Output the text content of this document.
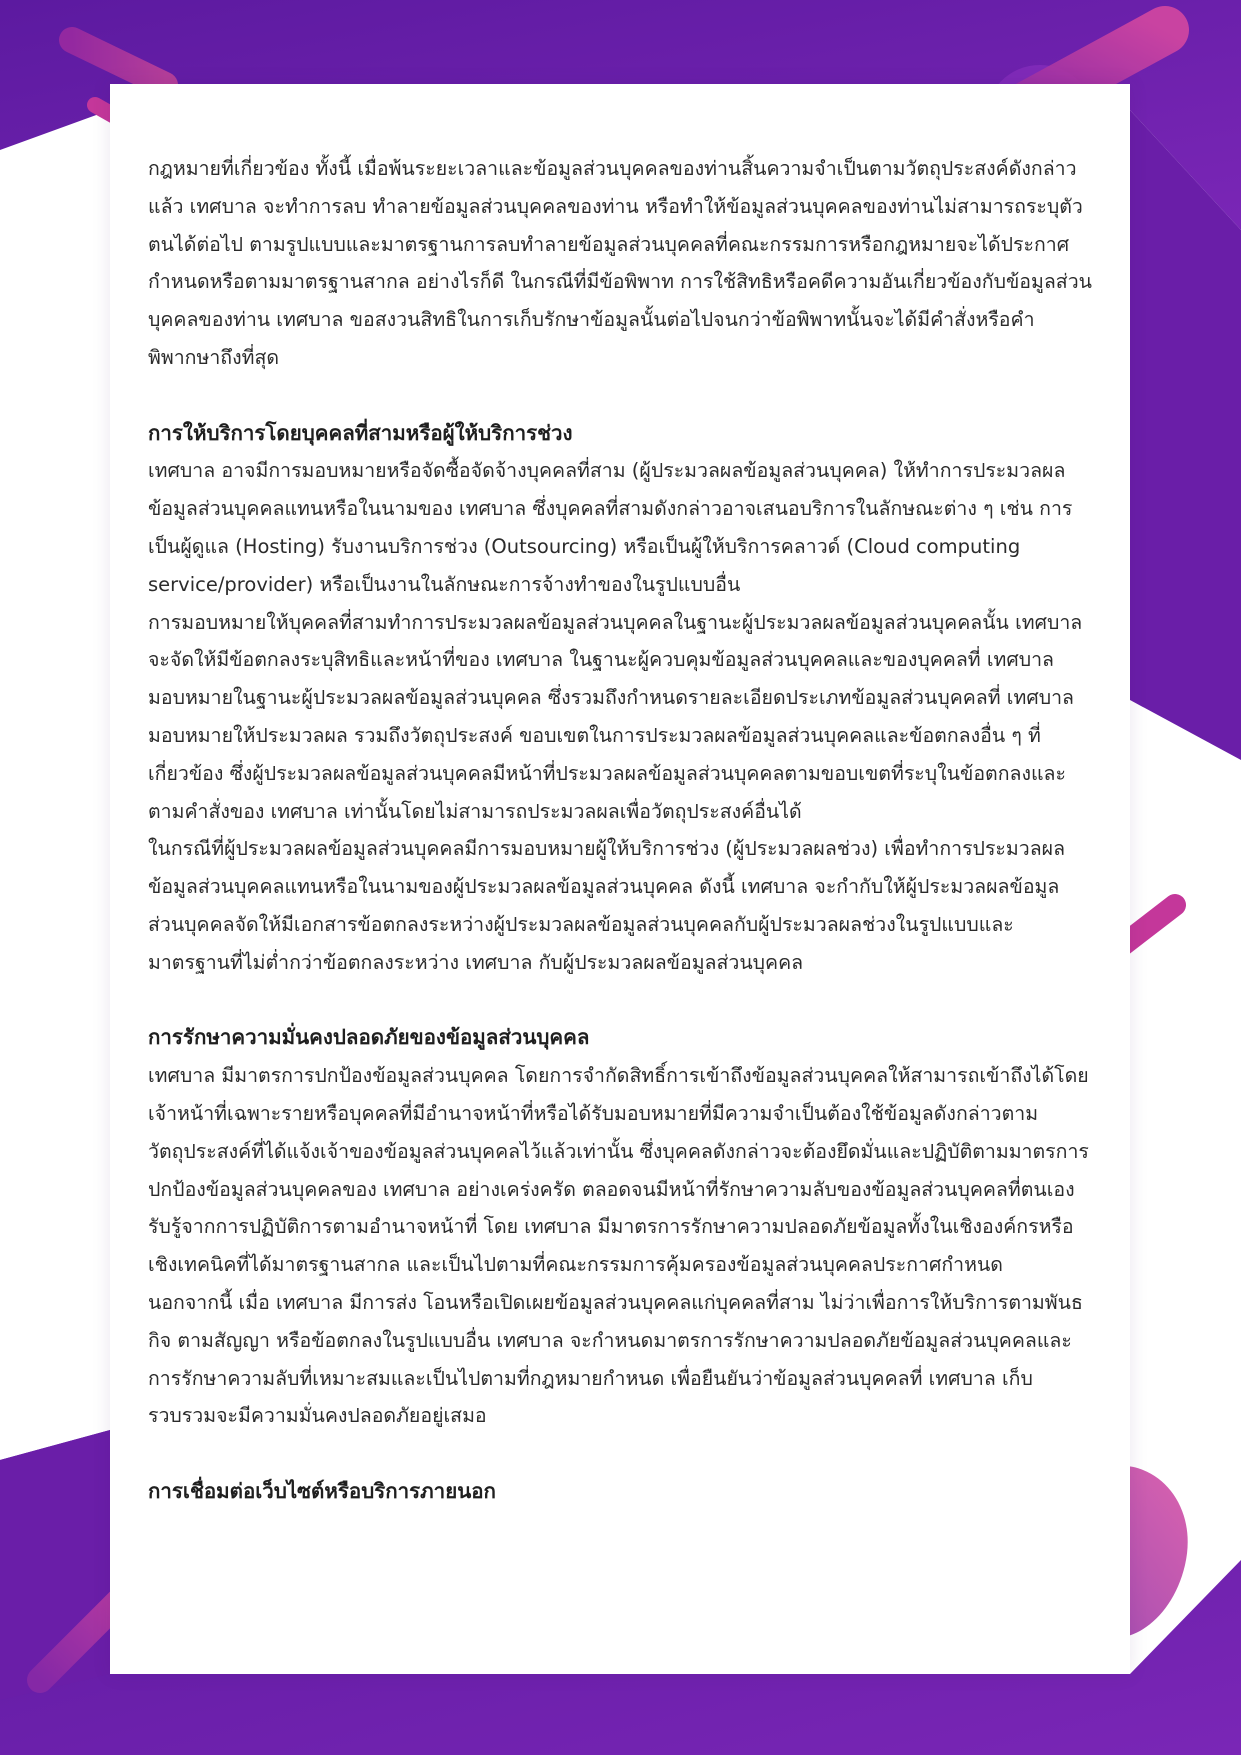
กฎหมายที่เกี่ยวข้อง ทั้งนี้ เมื่อพ้นระยะเวลาและข้อมูลส่วนบุคคลของท่านสิ้นความจำเป็นตามวัตถุประสงค์ดังกล่าวแล้ว เทศบาล จะทำการลบ ทำลายข้อมูลส่วนบุคคลของท่าน หรือทำให้ข้อมูลส่วนบุคคลของท่านไม่สามารถระบุตัวตนได้ต่อไป ตามรูปแบบและมาตรฐานการลบทำลายข้อมูลส่วนบุคคลที่คณะกรรมการหรือกฎหมายจะได้ประกาศกำหนดหรือตามมาตรฐานสากล อย่างไรก็ดี ในกรณีที่มีข้อพิพาท การใช้สิทธิหรือคดีความอันเกี่ยวข้องกับข้อมูลส่วนบุคคลของท่าน เทศบาล ขอสงวนสิทธิในการเก็บรักษาข้อมูลนั้นต่อไปจนกว่าข้อพิพาทนั้นจะได้มีคำสั่งหรือคำพิพากษาถึงที่สุด

การให้บริการโดยบุคคลที่สามหรือผู้ให้บริการช่วง

เทศบาล อาจมีการมอบหมายหรือจัดซื้อจัดจ้างบุคคลที่สาม (ผู้ประมวลผลข้อมูลส่วนบุคคล) ให้ทำการประมวลผลข้อมูลส่วนบุคคลแทนหรือในนามของ เทศบาล ซึ่งบุคคลที่สามดังกล่าวอาจเสนอบริการในลักษณะต่าง ๆ เช่น การเป็นผู้ดูแล (Hosting) รับงานบริการช่วง (Outsourcing) หรือเป็นผู้ให้บริการคลาวด์ (Cloud computing service/provider) หรือเป็นงานในลักษณะการจ้างทำของในรูปแบบอื่น

การมอบหมายให้บุคคลที่สามทำการประมวลผลข้อมูลส่วนบุคคลในฐานะผู้ประมวลผลข้อมูลส่วนบุคคลนั้น เทศบาล จะจัดให้มีข้อตกลงระบุสิทธิและหน้าที่ของ เทศบาล ในฐานะผู้ควบคุมข้อมูลส่วนบุคคลและของบุคคลที่ เทศบาล มอบหมายในฐานะผู้ประมวลผลข้อมูลส่วนบุคคล ซึ่งรวมถึงกำหนดรายละเอียดประเภทข้อมูลส่วนบุคคลที่ เทศบาล มอบหมายให้ประมวลผล รวมถึงวัตถุประสงค์ ขอบเขตในการประมวลผลข้อมูลส่วนบุคคลและข้อตกลงอื่น ๆ ที่เกี่ยวข้อง ซึ่งผู้ประมวลผลข้อมูลส่วนบุคคลมีหน้าที่ประมวลผลข้อมูลส่วนบุคคลตามขอบเขตที่ระบุในข้อตกลงและตามคำสั่งของ เทศบาล เท่านั้นโดยไม่สามารถประมวลผลเพื่อวัตถุประสงค์อื่นได้

ในกรณีที่ผู้ประมวลผลข้อมูลส่วนบุคคลมีการมอบหมายผู้ให้บริการช่วง (ผู้ประมวลผลช่วง) เพื่อทำการประมวลผลข้อมูลส่วนบุคคลแทนหรือในนามของผู้ประมวลผลข้อมูลส่วนบุคคล ดังนี้ เทศบาล จะกำกับให้ผู้ประมวลผลข้อมูลส่วนบุคคลจัดให้มีเอกสารข้อตกลงระหว่างผู้ประมวลผลข้อมูลส่วนบุคคลกับผู้ประมวลผลช่วงในรูปแบบและมาตรฐานที่ไม่ต่ำกว่าข้อตกลงระหว่าง เทศบาล กับผู้ประมวลผลข้อมูลส่วนบุคคล

การรักษาความมั่นคงปลอดภัยของข้อมูลส่วนบุคคล

เทศบาล มีมาตรการปกป้องข้อมูลส่วนบุคคล โดยการจำกัดสิทธิ์การเข้าถึงข้อมูลส่วนบุคคลให้สามารถเข้าถึงได้โดยเจ้าหน้าที่เฉพาะรายหรือบุคคลที่มีอำนาจหน้าที่หรือได้รับมอบหมายที่มีความจำเป็นต้องใช้ข้อมูลดังกล่าวตามวัตถุประสงค์ที่ได้แจ้งเจ้าของข้อมูลส่วนบุคคลไว้แล้วเท่านั้น ซึ่งบุคคลดังกล่าวจะต้องยึดมั่นและปฏิบัติตามมาตรการปกป้องข้อมูลส่วนบุคคลของ เทศบาล อย่างเคร่งครัด ตลอดจนมีหน้าที่รักษาความลับของข้อมูลส่วนบุคคลที่ตนเองรับรู้จากการปฏิบัติการตามอำนาจหน้าที่ โดย เทศบาล มีมาตรการรักษาความปลอดภัยข้อมูลทั้งในเชิงองค์กรหรือเชิงเทคนิคที่ได้มาตรฐานสากล และเป็นไปตามที่คณะกรรมการคุ้มครองข้อมูลส่วนบุคคลประกาศกำหนด

นอกจากนี้ เมื่อ เทศบาล มีการส่ง โอนหรือเปิดเผยข้อมูลส่วนบุคคลแก่บุคคลที่สาม ไม่ว่าเพื่อการให้บริการตามพันธกิจ ตามสัญญา หรือข้อตกลงในรูปแบบอื่น เทศบาล จะกำหนดมาตรการรักษาความปลอดภัยข้อมูลส่วนบุคคลและการรักษาความลับที่เหมาะสมและเป็นไปตามที่กฎหมายกำหนด เพื่อยืนยันว่าข้อมูลส่วนบุคคลที่ เทศบาล เก็บรวบรวมจะมีความมั่นคงปลอดภัยอยู่เสมอ

การเชื่อมต่อเว็บไซต์หรือบริการภายนอก
